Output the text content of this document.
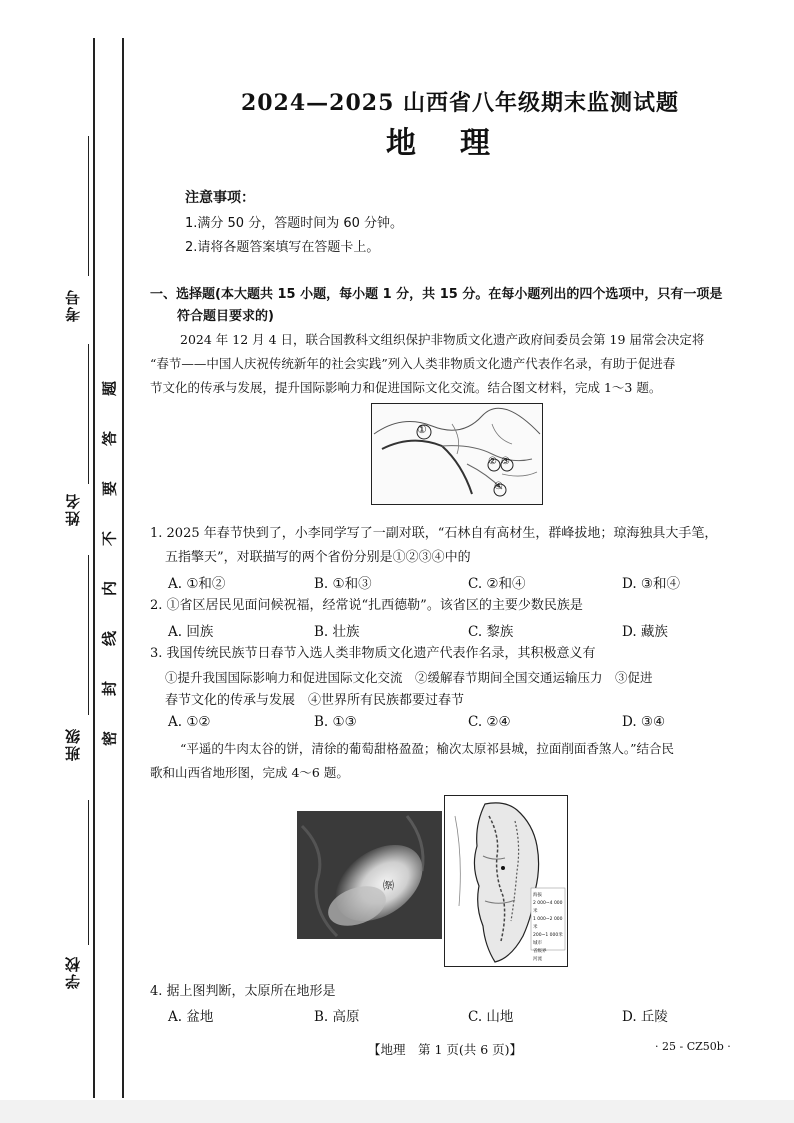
考号
姓名
班级
学校
题
答
要
不
内
线
封
密
2024—2025 山西省八年级期末监测试题
地理
注意事项：
1.满分 50 分，答题时间为 60 分钟。
2.请将各题答案填写在答题卡上。
一、选择题(本大题共 15 小题，每小题 1 分，共 15 分。在每小题列出的四个选项中，只有一项是
符合题目要求的)
2024 年 12 月 4 日，联合国教科文组织保护非物质文化遗产政府间委员会第 19 届常会决定将
“春节——中国人庆祝传统新年的社会实践”列入人类非物质文化遗产代表作名录，有助于促进春
节文化的传承与发展，提升国际影响力和促进国际文化交流。结合图文材料，完成 1～3 题。
①
② ③
④
1. 2025 年春节快到了，小李同学写了一副对联，“石林自有高材生，群峰拔地；琼海独具大手笔，
五指擎天”，对联描写的两个省份分别是①②③④中的
A. ①和②	B. ①和③	C. ②和④	D. ③和④
2. ①省区居民见面问候祝福，经常说“扎西德勒”。该省区的主要少数民族是
A. 回族	B. 壮族	C. 黎族	D. 藏族
3. 我国传统民族节日春节入选人类非物质文化遗产代表作名录，其积极意义有
①提升我国国际影响力和促进国际文化交流　②缓解春节期间全国交通运输压力　③促进
春节文化的传承与发展　④世界所有民族都要过春节
A. ①②	B. ①③	C. ②④	D. ③④
“平遥的牛肉太谷的饼，清徐的葡萄甜格盈盈；榆次太原祁县城，拉面削面香煞人。”结合民
歌和山西省地形图，完成 4～6 题。
㉀
海拔
2 000~4 000米
1 000~2 000米
200~1 000米
城市
省级界
河流
4. 据上图判断，太原所在地形是
A. 盆地	B. 高原	C. 山地	D. 丘陵
【地理　第 1 页(共 6 页)】	· 25 - CZ50b ·
